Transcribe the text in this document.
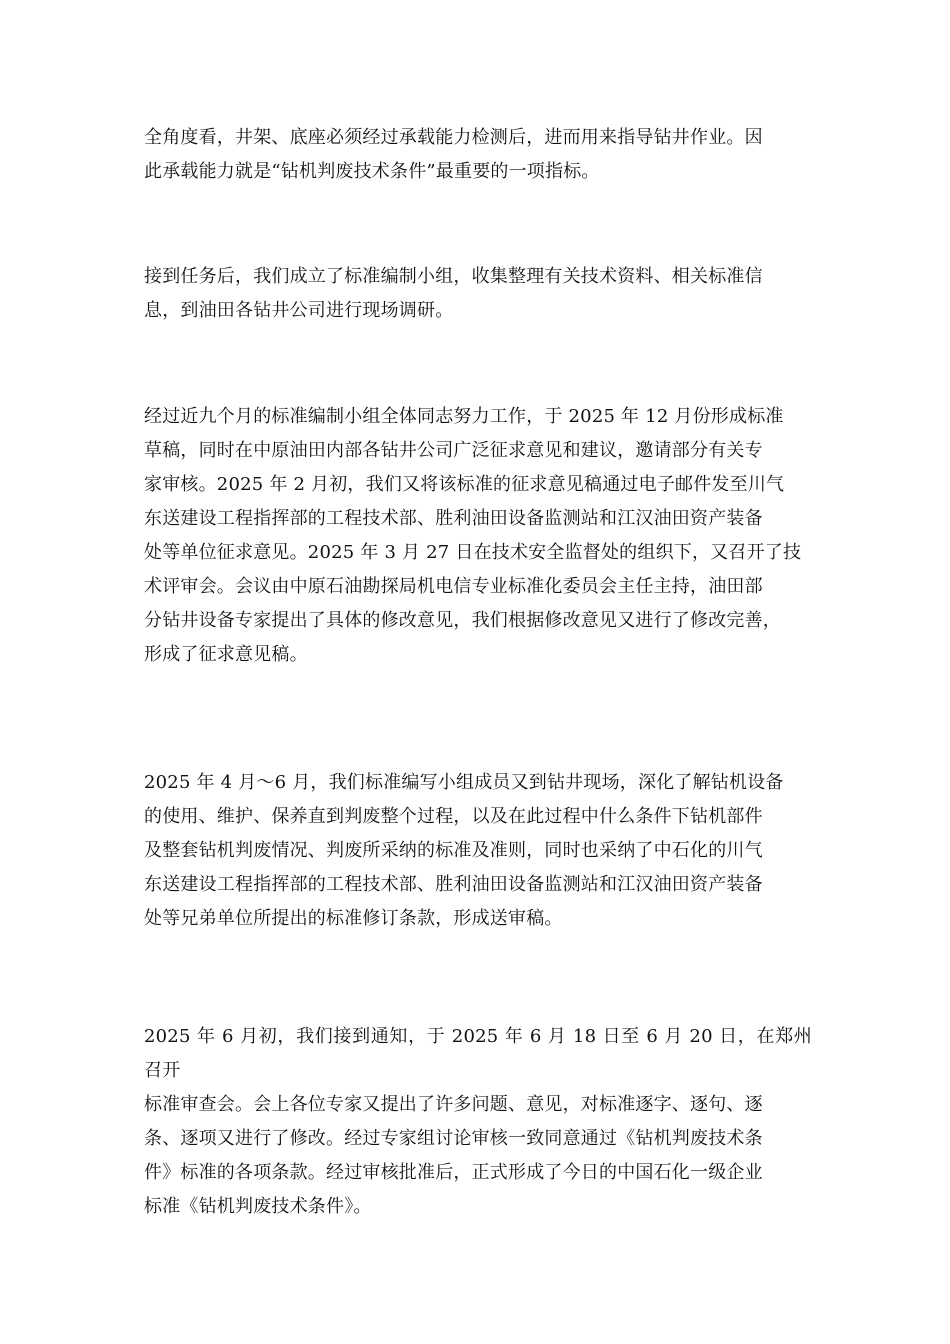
全角度看，井架、底座必须经过承载能力检测后，进而用来指导钻井作业。因
此承载能力就是“钻机判废技术条件”最重要的一项指标。

接到任务后，我们成立了标准编制小组，收集整理有关技术资料、相关标准信
息，到油田各钻井公司进行现场调研。

经过近九个月的标准编制小组全体同志努力工作，于 2025 年 12 月份形成标准
草稿，同时在中原油田内部各钻井公司广泛征求意见和建议，邀请部分有关专
家审核。2025 年 2 月初，我们又将该标准的征求意见稿通过电子邮件发至川气
东送建设工程指挥部的工程技术部、胜利油田设备监测站和江汉油田资产装备
处等单位征求意见。2025 年 3 月 27 日在技术安全监督处的组织下，又召开了技
术评审会。会议由中原石油勘探局机电信专业标准化委员会主任主持，油田部
分钻井设备专家提出了具体的修改意见，我们根据修改意见又进行了修改完善，
形成了征求意见稿。

2025 年 4 月～6 月，我们标准编写小组成员又到钻井现场，深化了解钻机设备
的使用、维护、保养直到判废整个过程，以及在此过程中什么条件下钻机部件
及整套钻机判废情况、判废所采纳的标准及准则，同时也采纳了中石化的川气
东送建设工程指挥部的工程技术部、胜利油田设备监测站和江汉油田资产装备
处等兄弟单位所提出的标准修订条款，形成送审稿。

2025 年 6 月初，我们接到通知，于 2025 年 6 月 18 日至 6 月 20 日，在郑州召开
标准审查会。会上各位专家又提出了许多问题、意见，对标准逐字、逐句、逐
条、逐项又进行了修改。经过专家组讨论审核一致同意通过《钻机判废技术条
件》标准的各项条款。经过审核批准后，正式形成了今日的中国石化一级企业
标准《钻机判废技术条件》。
